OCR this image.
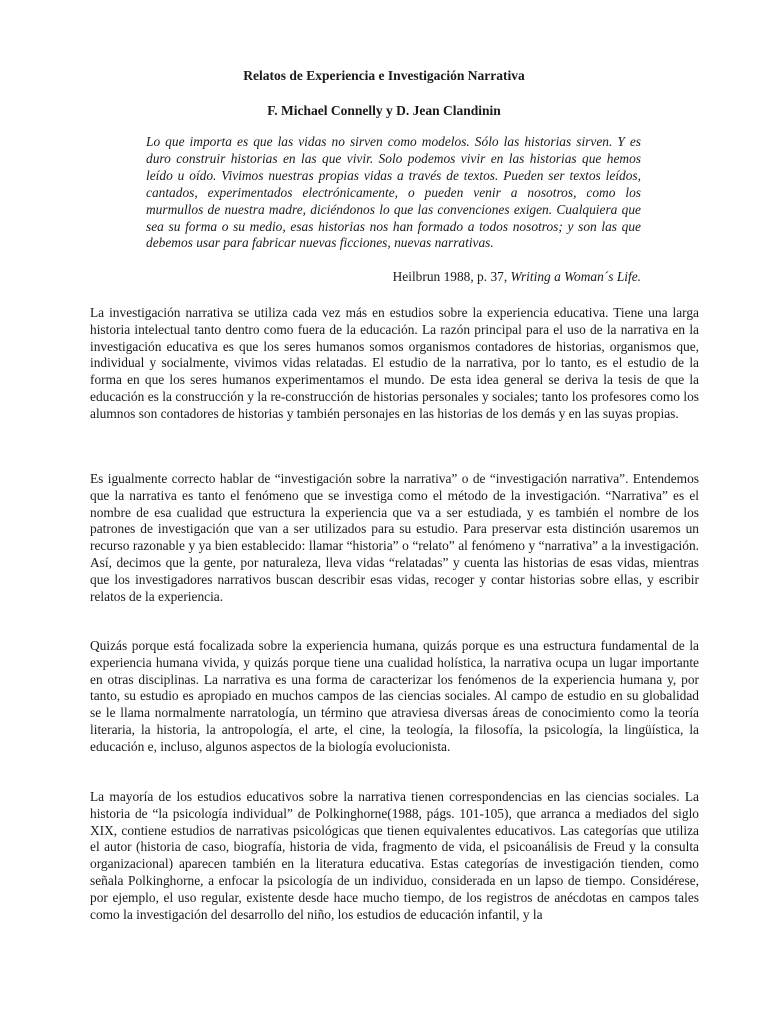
Relatos de Experiencia e Investigación Narrativa
F. Michael Connelly y D. Jean Clandinin

Lo que importa es que las vidas no sirven como modelos. Sólo las historias sirven. Y es duro construir historias en las que vivir. Solo podemos vivir en las historias que hemos leído u oído. Vivimos nuestras propias vidas a través de textos. Pueden ser textos leídos, cantados, experimentados electrónicamente, o pueden venir a nosotros, como los murmullos de nuestra madre, diciéndonos lo que las convenciones exigen. Cualquiera que sea su forma o su medio, esas historias nos han formado a todos nosotros; y son las que debemos usar para fabricar nuevas ficciones, nuevas narrativas.

Heilbrun 1988, p. 37, Writing a Woman´s Life.

La investigación narrativa se utiliza cada vez más en estudios sobre la experiencia educativa. Tiene una larga historia intelectual tanto dentro como fuera de la educación. La razón principal para el uso de la narrativa en la investigación educativa es que los seres humanos somos organismos contadores de historias, organismos que, individual y socialmente, vivimos vidas relatadas. El estudio de la narrativa, por lo tanto, es el estudio de la forma en que los seres humanos experimentamos el mundo. De esta idea general se deriva la tesis de que la educación es la construcción y la re-construcción de historias personales y sociales; tanto los profesores como los alumnos son contadores de historias y también personajes en las historias de los demás y en las suyas propias.

Es igualmente correcto hablar de “investigación sobre la narrativa” o de “investigación narrativa”. Entendemos que la narrativa es tanto el fenómeno que se investiga como el método de la investigación. “Narrativa” es el nombre de esa cualidad que estructura la experiencia que va a ser estudiada, y es también el nombre de los patrones de investigación que van a ser utilizados para su estudio. Para preservar esta distinción usaremos un recurso razonable y ya bien establecido: llamar “historia” o “relato” al fenómeno y “narrativa” a la investigación. Así, decimos que la gente, por naturaleza, lleva vidas “relatadas” y cuenta las historias de esas vidas, mientras que los investigadores narrativos buscan describir esas vidas, recoger y contar historias sobre ellas, y escribir relatos de la experiencia.

Quizás porque está focalizada sobre la experiencia humana, quizás porque es una estructura fundamental de la experiencia humana vivida, y quizás porque tiene una cualidad holística, la narrativa ocupa un lugar importante en otras disciplinas. La narrativa es una forma de caracterizar los fenómenos de la experiencia humana y, por tanto, su estudio es apropiado en muchos campos de las ciencias sociales. Al campo de estudio en su globalidad se le llama normalmente narratología, un término que atraviesa diversas áreas de conocimiento como la teoría literaria, la historia, la antropología, el arte, el cine, la teología, la filosofía, la psicología, la lingüística, la educación e, incluso, algunos aspectos de la biología evolucionista.

La mayoría de los estudios educativos sobre la narrativa tienen correspondencias en las ciencias sociales. La historia de “la psicología individual” de Polkinghorne(1988, págs. 101-105), que arranca a mediados del siglo XIX, contiene estudios de narrativas psicológicas que tienen equivalentes educativos. Las categorías que utiliza el autor (historia de caso, biografía, historia de vida, fragmento de vida, el psicoanálisis de Freud y la consulta organizacional) aparecen también en la literatura educativa. Estas categorías de investigación tienden, como señala Polkinghorne, a enfocar la psicología de un individuo, considerada en un lapso de tiempo. Considérese, por ejemplo, el uso regular, existente desde hace mucho tiempo, de los registros de anécdotas en campos tales como la investigación del desarrollo del niño, los estudios de educación infantil, y la
